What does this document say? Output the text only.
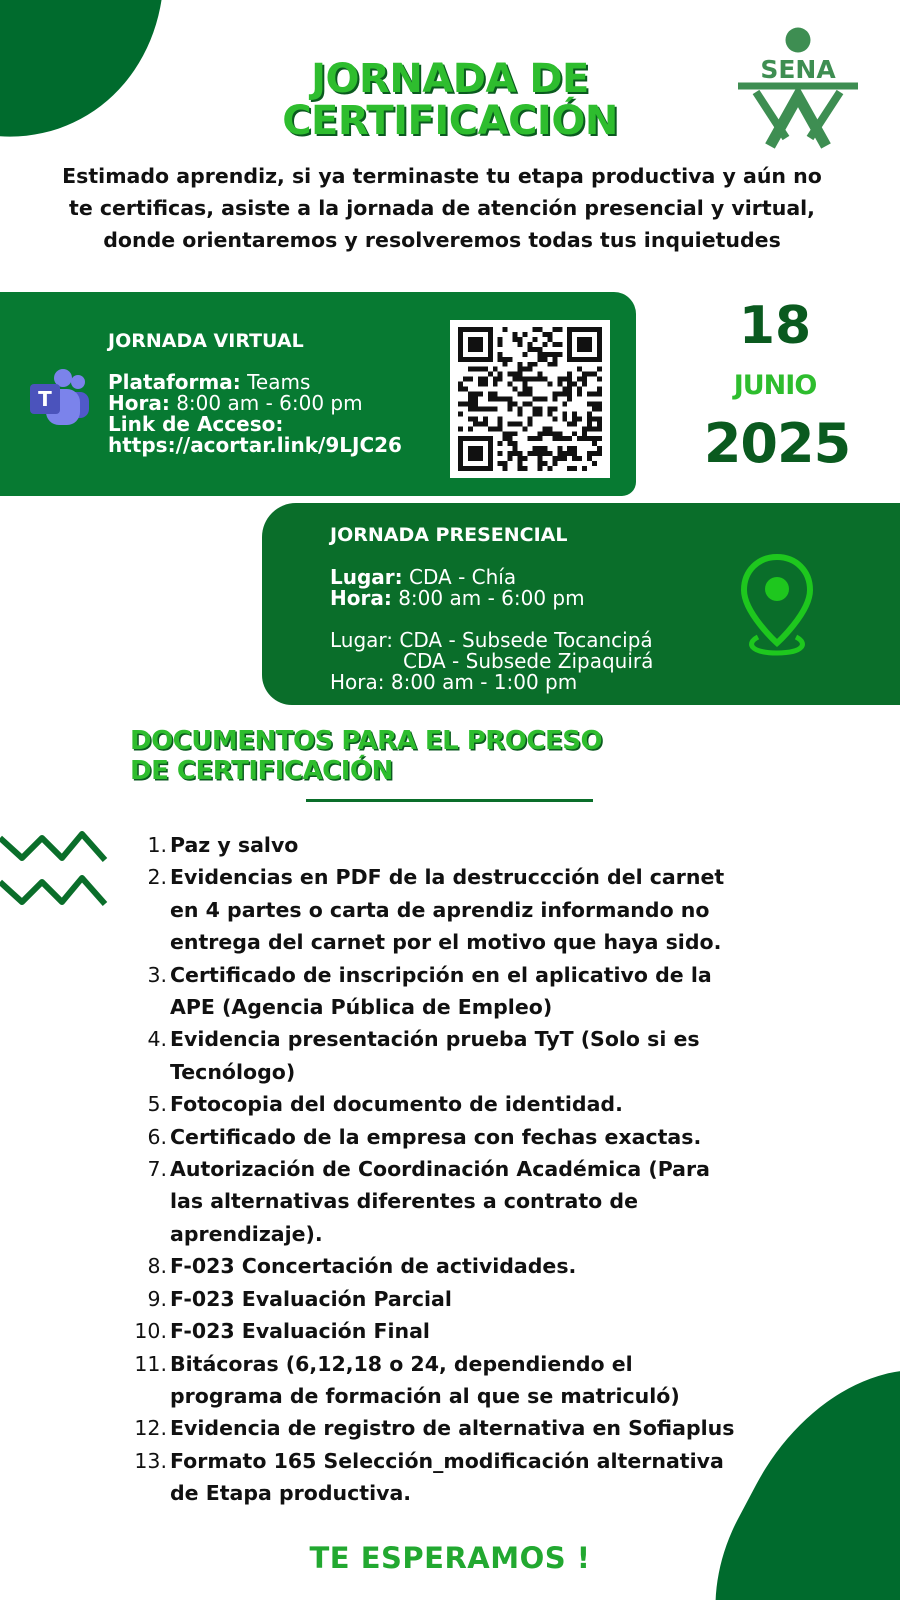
JORNADA DE
CERTIFICACIÓN
SENA

Estimado aprendiz, si ya terminaste tu etapa productiva y aún no te certificas, asiste a la jornada de atención presencial y virtual, donde orientaremos y resolveremos todas tus inquietudes

JORNADA VIRTUAL
T
Plataforma: Teams
Hora: 8:00 am - 6:00 pm
Link de Acceso:
https://acortar.link/9LJC26
18
JUNIO
2025
JORNADA PRESENCIAL
Lugar: CDA - Chía
Hora: 8:00 am - 6:00 pm
Lugar: CDA - Subsede Tocancipá
CDA - Subsede Zipaquirá
Hora: 8:00 am - 1:00 pm
DOCUMENTOS PARA EL PROCESO
DE CERTIFICACIÓN
1. Paz y salvo
2. Evidencias en PDF de la destruccción del carnet en 4 partes o carta de aprendiz informando no entrega del carnet por el motivo que haya sido.
3. Certificado de inscripción en el aplicativo de la APE (Agencia Pública de Empleo)
4. Evidencia presentación prueba TyT (Solo si es Tecnólogo)
5. Fotocopia del documento de identidad.
6. Certificado de la empresa con fechas exactas.
7. Autorización de Coordinación Académica (Para las alternativas diferentes a contrato de aprendizaje).
8. F-023 Concertación de actividades.
9. F-023 Evaluación Parcial
10. F-023 Evaluación Final
11. Bitácoras (6,12,18 o 24, dependiendo el programa de formación al que se matriculó)
12. Evidencia de registro de alternativa en Sofiaplus
13. Formato 165 Selección_modificación alternativa de Etapa productiva.
TE ESPERAMOS !
